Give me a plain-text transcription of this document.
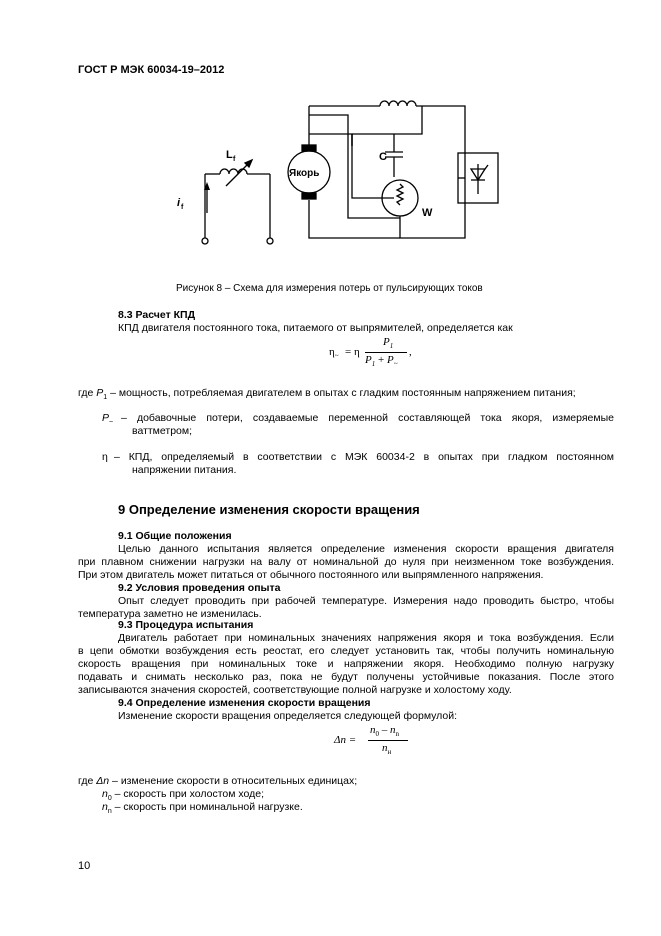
ГОСТ Р МЭК 60034-19–2012
Якорь
L f	C
W
i f
Рисунок 8 – Схема для измерения потерь от пульсирующих токов
8.3 Расчет КПД
КПД двигателя постоянного тока, питаемого от выпрямителей, определяется как
$\eta_\sim = \eta$
$P_1$
$P_1 + P_\sim$
,
где $P_1$ – мощность, потребляемая двигателем в опытах с гладким постоянным напряжением питания;
$P_\sim$ – добавочные потери, создаваемые переменной составляющей тока якоря, измеряемые
ваттметром;
η – КПД, определяемый в соответствии с МЭК 60034-2 в опытах при гладком постоянном
напряжении питания.
9 Определение изменения скорости вращения
9.1 Общие положения
Целью данного испытания является определение изменения скорости вращения двигателя
при плавном снижении нагрузки на валу от номинальной до нуля при неизменном токе возбуждения.
При этом двигатель может питаться от обычного постоянного или выпрямленного напряжения.
9.2 Условия проведения опыта
Опыт следует проводить при рабочей температуре. Измерения надо проводить быстро, чтобы
температура заметно не изменилась.
9.3 Процедура испытания
Двигатель работает при номинальных значениях напряжения якоря и тока возбуждения. Если
в цепи обмотки возбуждения есть реостат, его следует установить так, чтобы получить номинальную
скорость вращения при номинальных токе и напряжении якоря. Необходимо полную нагрузку
подавать и снимать несколько раз, пока не будут получены устойчивые показания. После этого
записываются значения скоростей, соответствующие полной нагрузке и холостому ходу.
9.4 Определение изменения скорости вращения
Изменение скорости вращения определяется следующей формулой:
Δn =
$n_0 - n_n$
$n_н$
где Δn – изменение скорости в относительных единицах;
$n_0$ – скорость при холостом ходе;
$n_n$ – скорость при номинальной нагрузке.
10
